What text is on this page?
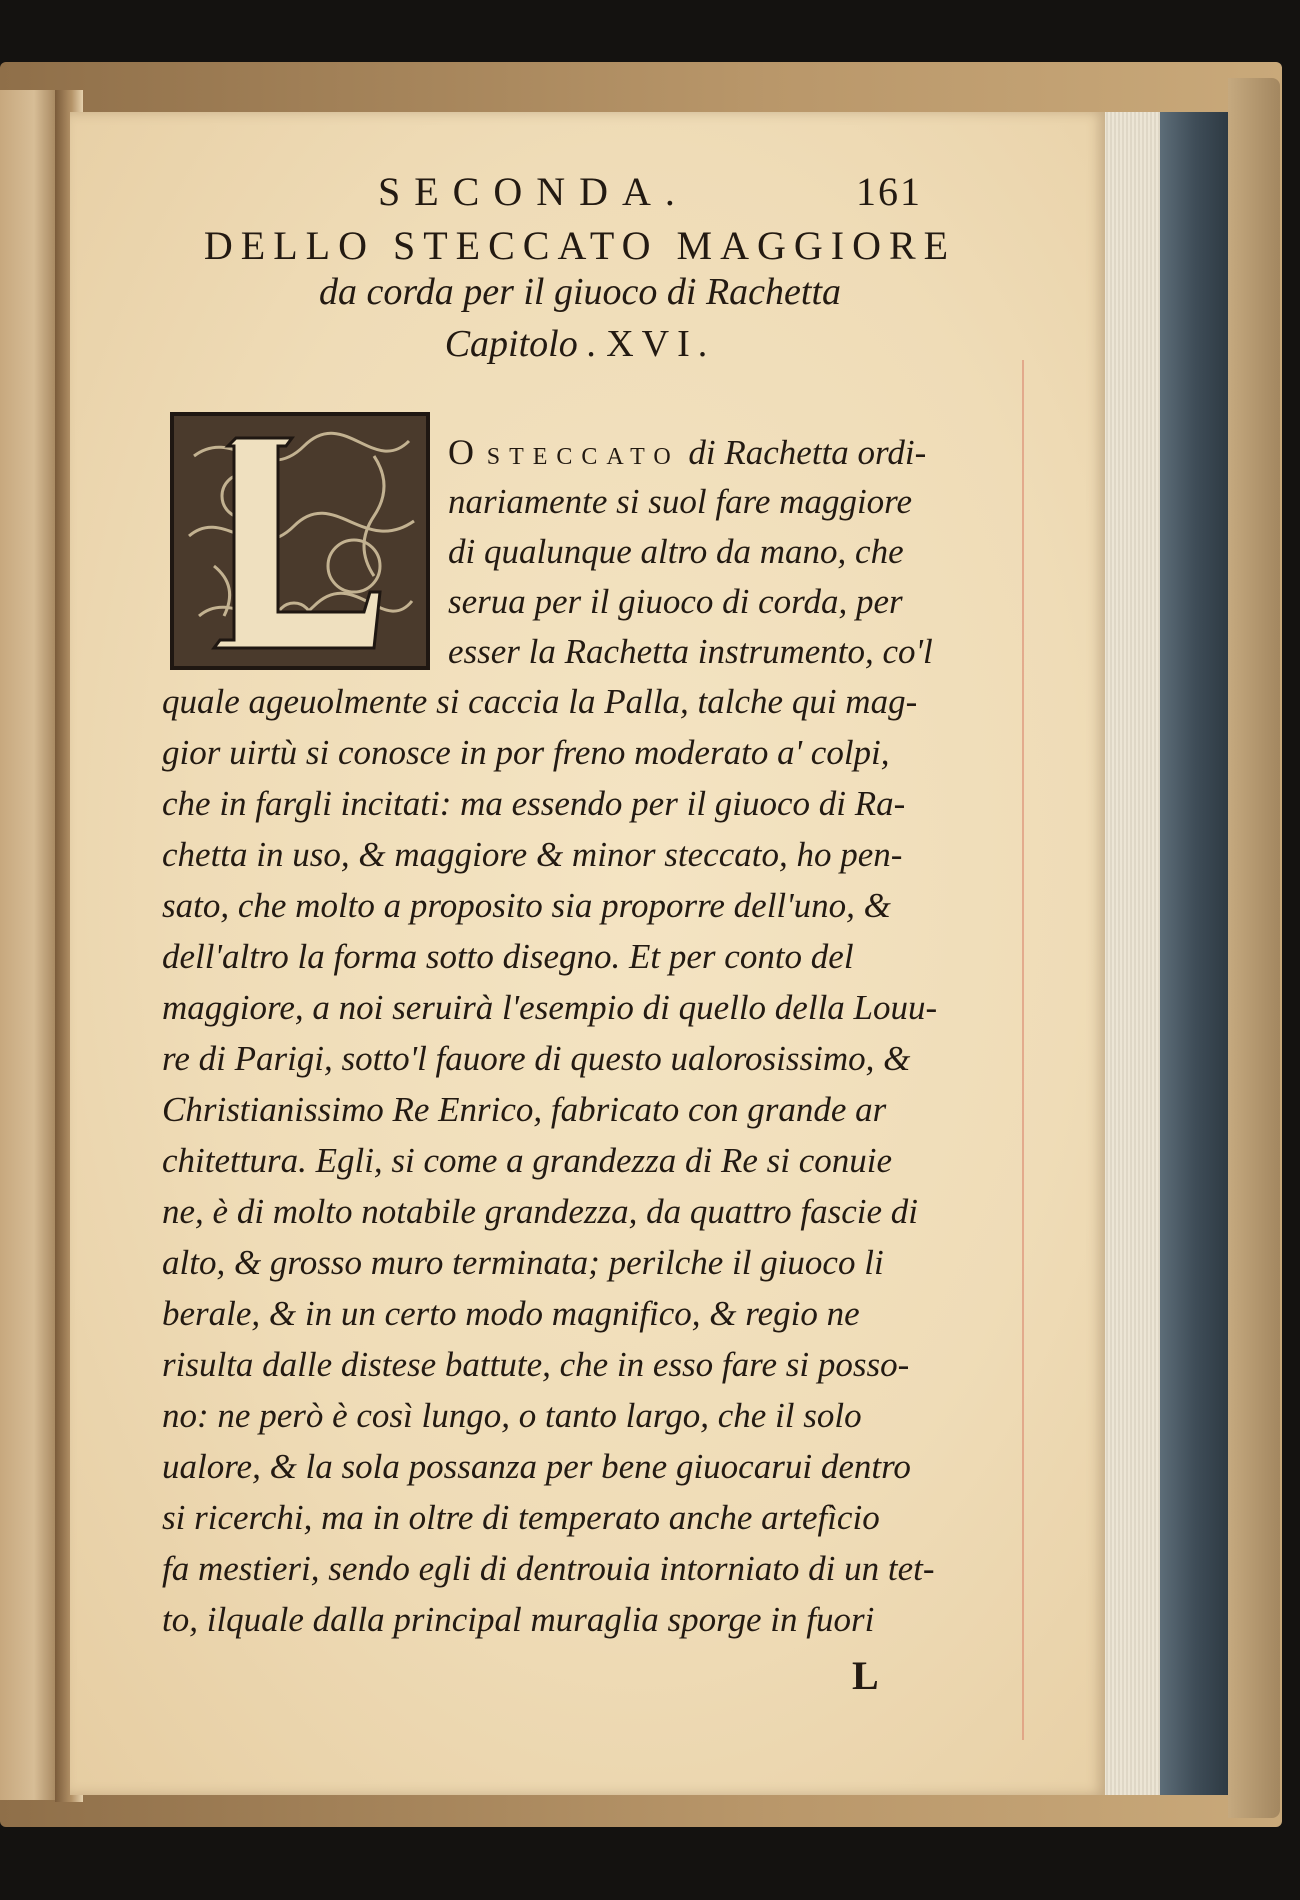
SECONDA.	161
DELLO STECCATO MAGGIORE
da corda per il giuoco di Rachetta
Capitolo . XVI.
L
O STECCATO di Rachetta ordi-
nariamente si suol fare maggiore
di qualunque altro da mano, che
serua per il giuoco di corda, per
esser la Rachetta instrumento, co'l
quale ageuolmente si caccia la Palla, talche qui mag-
gior uirtù si conosce in por freno moderato a' colpi,
che in fargli incitati: ma essendo per il giuoco di Ra-
chetta in uso, & maggiore & minor steccato, ho pen-
sato, che molto a proposito sia proporre dell'uno, &
dell'altro la forma sotto disegno. Et per conto del
maggiore, a noi seruirà l'esempio di quello della Louu-
re di Parigi, sotto'l fauore di questo ualorosissimo, &
Christianissimo Re Enrico, fabricato con grande ar
chitettura. Egli, si come a grandezza di Re si conuie
ne, è di molto notabile grandezza, da quattro fascie di
alto, & grosso muro terminata; perilche il giuoco li
berale, & in un certo modo magnifico, & regio ne
risulta dalle distese battute, che in esso fare si posso-
no: ne però è così lungo, o tanto largo, che il solo
ualore, & la sola possanza per bene giuocarui dentro
si ricerchi, ma in oltre di temperato anche artefìcio
fa mestieri, sendo egli di dentrouia intorniato di un tet-
to, ilquale dalla principal muraglia sporge in fuori
L
